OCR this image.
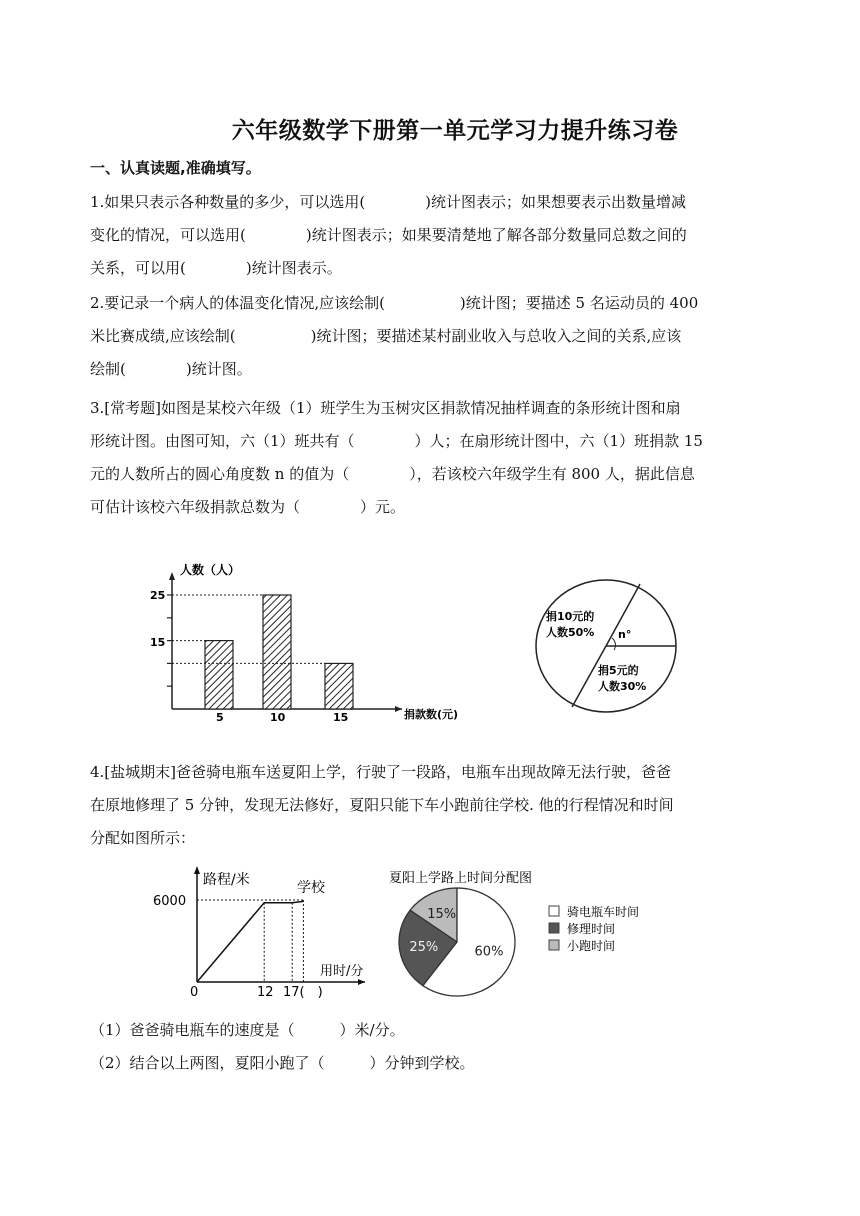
六年级数学下册第一单元学习力提升练习卷
一、认真读题,准确填写。
1.如果只表示各种数量的多少，可以选用(　　　　)统计图表示；如果想要表示出数量增减
变化的情况，可以选用(　　　　)统计图表示；如果要清楚地了解各部分数量同总数之间的
关系，可以用(　　　　)统计图表示。
2.要记录一个病人的体温变化情况,应该绘制(　　　　　)统计图；要描述 5 名运动员的 400
米比赛成绩,应该绘制(　　　　　)统计图；要描述某村副业收入与总收入之间的关系,应该
绘制(　　　　)统计图。
3.[常考题]如图是某校六年级（1）班学生为玉树灾区捐款情况抽样调查的条形统计图和扇
形统计图。由图可知，六（1）班共有（　　　　）人；在扇形统计图中，六（1）班捐款 15
元的人数所占的圆心角度数 n 的值为（　　　　），若该校六年级学生有 800 人，据此信息
可估计该校六年级捐款总数为（　　　　）元。
人数（人）
捐款数(元)
25
15
5	10	15
捐10元的
人数50% n°
捐5元的
人数30%
4.[盐城期末]爸爸骑电瓶车送夏阳上学，行驶了一段路，电瓶车出现故障无法行驶，爸爸
在原地修理了 5 分钟，发现无法修好，夏阳只能下车小跑前往学校. 他的行程情况和时间
分配如图所示：
路程/米	学校
6000
用时/分
0	12 17(　)
夏阳上学路上时间分配图
15%
25%	60%
骑电瓶车时间
修理时间
小跑时间
（1）爸爸骑电瓶车的速度是（　　　）米/分。
（2）结合以上两图，夏阳小跑了（　　　）分钟到学校。
